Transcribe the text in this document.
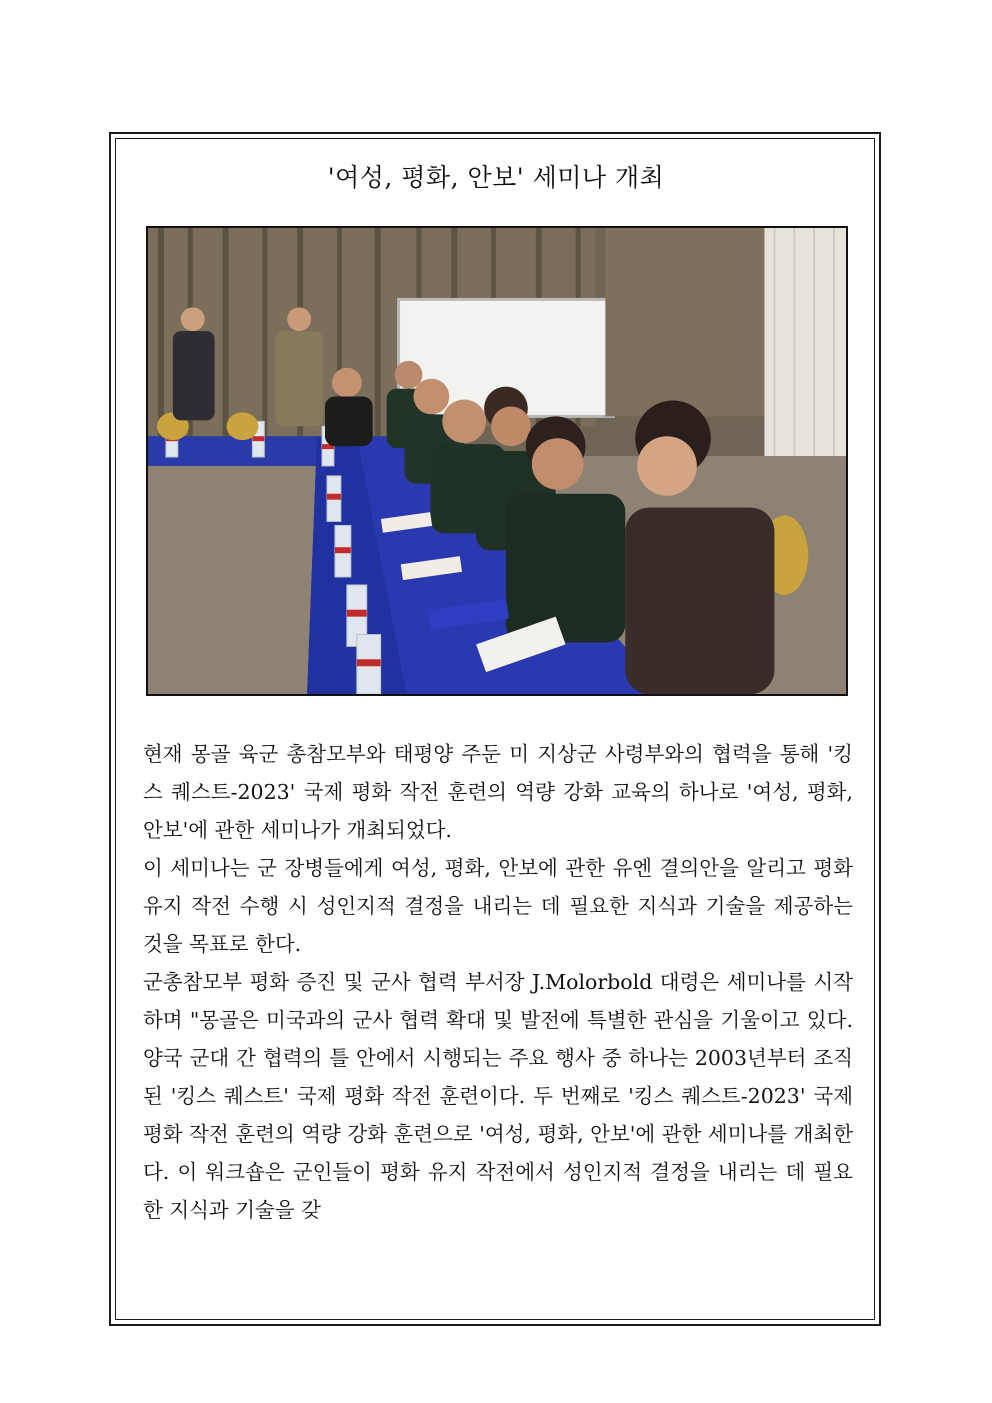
'여성, 평화, 안보' 세미나 개최

현재 몽골 육군 총참모부와 태평양 주둔 미 지상군 사령부와의 협력을 통해 '킹스 퀘스트-2023' 국제 평화 작전 훈련의 역량 강화 교육의 하나로 '여성, 평화, 안보'에 관한 세미나가 개최되었다.

이 세미나는 군 장병들에게 여성, 평화, 안보에 관한 유엔 결의안을 알리고 평화 유지 작전 수행 시 성인지적 결정을 내리는 데 필요한 지식과 기술을 제공하는 것을 목표로 한다.

군총참모부 평화 증진 및 군사 협력 부서장 J.Molorbold 대령은 세미나를 시작하며 "몽골은 미국과의 군사 협력 확대 및 발전에 특별한 관심을 기울이고 있다. 양국 군대 간 협력의 틀 안에서 시행되는 주요 행사 중 하나는 2003년부터 조직된 '킹스 퀘스트' 국제 평화 작전 훈련이다. 두 번째로 '킹스 퀘스트-2023' 국제 평화 작전 훈련의 역량 강화 훈련으로 '여성, 평화, 안보'에 관한 세미나를 개최한다. 이 워크숍은 군인들이 평화 유지 작전에서 성인지적 결정을 내리는 데 필요한 지식과 기술을 갖
